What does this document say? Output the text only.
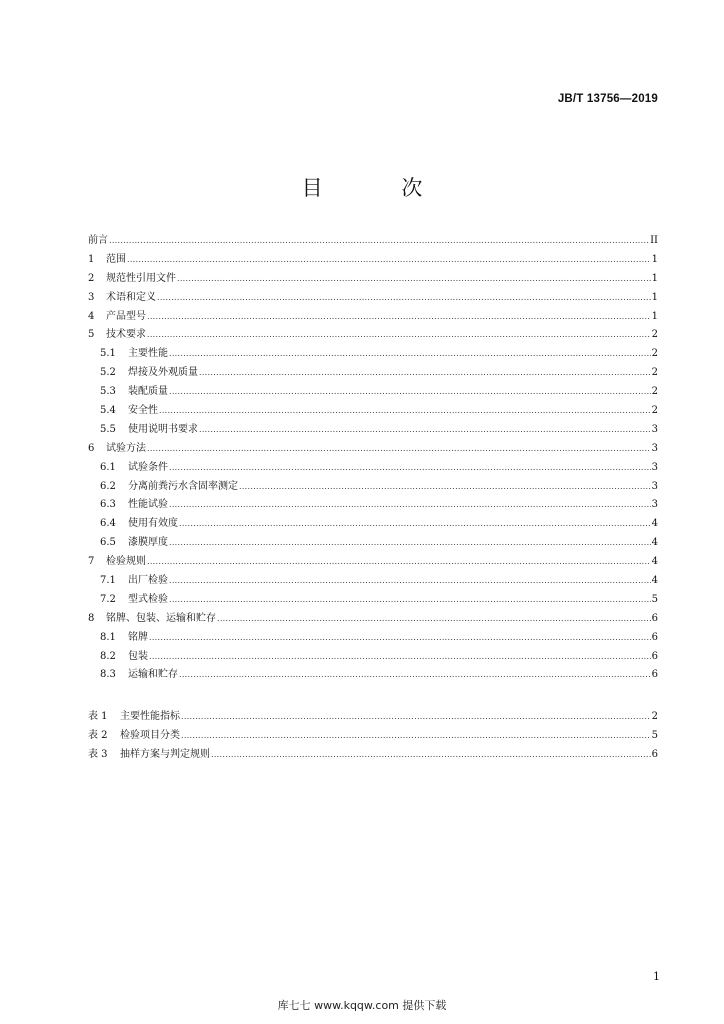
JB/T 13756—2019
目 次
前言 .....	II
1	范围 .....	1
2	规范性引用文件 .....	1
3	术语和定义 .....	1
4	产品型号 .....	1
5	技术要求 .....	2
5.1	主要性能 .....	2
5.2	焊接及外观质量 .....	2
5.3	装配质量 .....	2
5.4	安全性 .....	2
5.5	使用说明书要求 .....	3
6	试验方法 .....	3
6.1	试验条件 .....	3
6.2	分离前粪污水含固率测定 .....	3
6.3	性能试验 .....	3
6.4	使用有效度 .....	4
6.5	漆膜厚度 .....	4
7	检验规则 .....	4
7.1	出厂检验 .....	4
7.2	型式检验 .....	5
8	铭牌、包装、运输和贮存 .....	6
8.1	铭牌 .....	6
8.2	包装 .....	6
8.3	运输和贮存 .....	6
表 1	主要性能指标 .....	2
表 2	检验项目分类 .....	5
表 3	抽样方案与判定规则 .....	6
1
库七七 www.kqqw.com 提供下载
